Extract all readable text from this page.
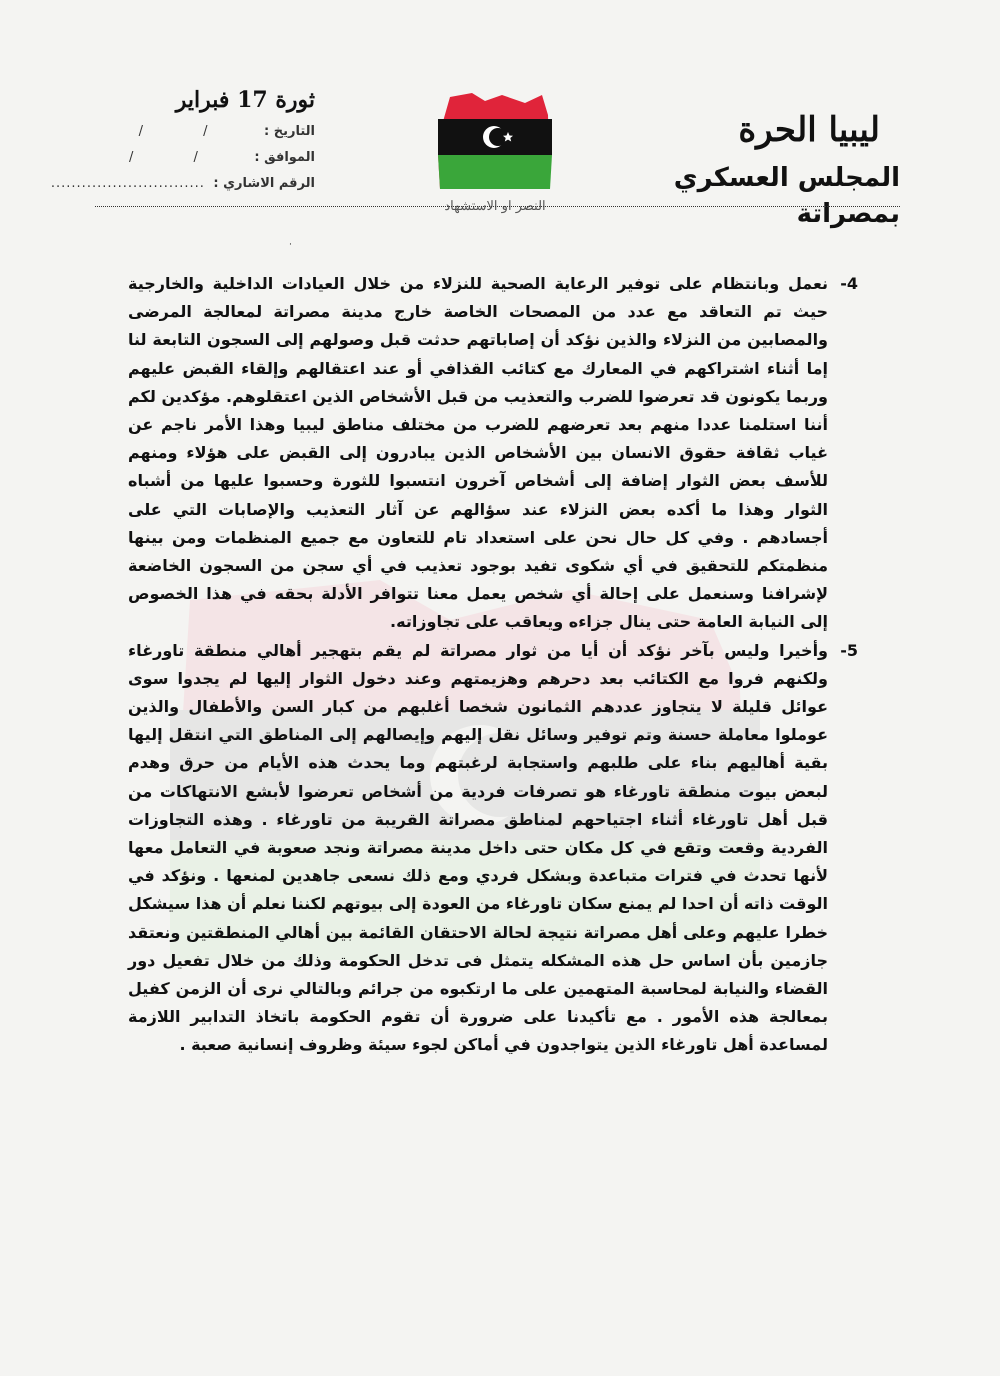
ليبيا الحرة
المجلس العسكري بمصراتة
النصر او الاستشهاد
ثورة 17 فبراير
التاريخ : / /
الموافق : / /
الرقم الاشاري : ..............................
·
-4

نعمل وبانتظام على توفير الرعاية الصحية للنزلاء من خلال العيادات الداخلية والخارجية حيث تم التعاقد مع عدد من المصحات الخاصة خارج مدينة مصراتة لمعالجة المرضى والمصابين من النزلاء والذين نؤكد أن إصاباتهم حدثت قبل وصولهم إلى السجون التابعة لنا إما أثناء اشتراكهم في المعارك مع كتائب القذافي أو عند اعتقالهم وإلقاء القبض عليهم وربما يكونون قد تعرضوا للضرب والتعذيب من قبل الأشخاص الذين اعتقلوهم. مؤكدين لكم أننا استلمنا عددا منهم بعد تعرضهم للضرب من مختلف مناطق ليبيا وهذا الأمر ناجم عن غياب ثقافة حقوق الانسان بين الأشخاص الذين يبادرون إلى القبض على هؤلاء ومنهم للأسف بعض الثوار إضافة إلى أشخاص آخرون انتسبوا للثورة وحسبوا عليها من أشباه الثوار وهذا ما أكده بعض النزلاء عند سؤالهم عن آثار التعذيب والإصابات التي على أجسادهم . وفي كل حال نحن على استعداد تام للتعاون مع جميع المنظمات ومن بينها منظمتكم للتحقيق في أي شكوى تفيد بوجود تعذيب في أي سجن من السجون الخاضعة لإشرافنا وسنعمل على إحالة أي شخص يعمل معنا تتوافر الأدلة بحقه في هذا الخصوص إلى النيابة العامة حتى ينال جزاءه ويعاقب على تجاوزاته.

-5

وأخيرا وليس بآخر نؤكد أن أيا من ثوار مصراتة لم يقم بتهجير أهالي منطقة تاورغاء ولكنهم فروا مع الكتائب بعد دحرهم وهزيمتهم وعند دخول الثوار إليها لم يجدوا سوى عوائل قليلة لا يتجاوز عددهم الثمانون شخصا أغلبهم من كبار السن والأطفال والذين عوملوا معاملة حسنة وتم توفير وسائل نقل إليهم وإيصالهم إلى المناطق التي انتقل إليها بقية أهاليهم بناء على طلبهم واستجابة لرغبتهم وما يحدث هذه الأيام من حرق وهدم لبعض بيوت منطقة تاورغاء هو تصرفات فردية من أشخاص تعرضوا لأبشع الانتهاكات من قبل أهل تاورغاء أثناء اجتياحهم لمناطق مصراتة القريبة من تاورغاء . وهذه التجاوزات الفردية وقعت وتقع في كل مكان حتى داخل مدينة مصراتة ونجد صعوبة في التعامل معها لأنها تحدث في فترات متباعدة وبشكل فردي ومع ذلك نسعى جاهدين لمنعها . ونؤكد في الوقت ذاته أن احدا لم يمنع سكان تاورغاء من العودة إلى بيوتهم لكننا نعلم أن هذا سيشكل خطرا عليهم وعلى أهل مصراتة نتيجة لحالة الاحتقان القائمة بين أهالي المنطقتين ونعتقد جازمين بأن اساس حل هذه المشكله يتمثل فى تدخل الحكومة وذلك من خلال تفعيل دور القضاء والنيابة لمحاسبة المتهمين على ما ارتكبوه من جرائم وبالتالي نرى أن الزمن كفيل بمعالجة هذه الأمور . مع تأكيدنا على ضرورة أن تقوم الحكومة باتخاذ التدابير اللازمة لمساعدة أهل تاورغاء الذين يتواجدون في أماكن لجوء سيئة وظروف إنسانية صعبة .
